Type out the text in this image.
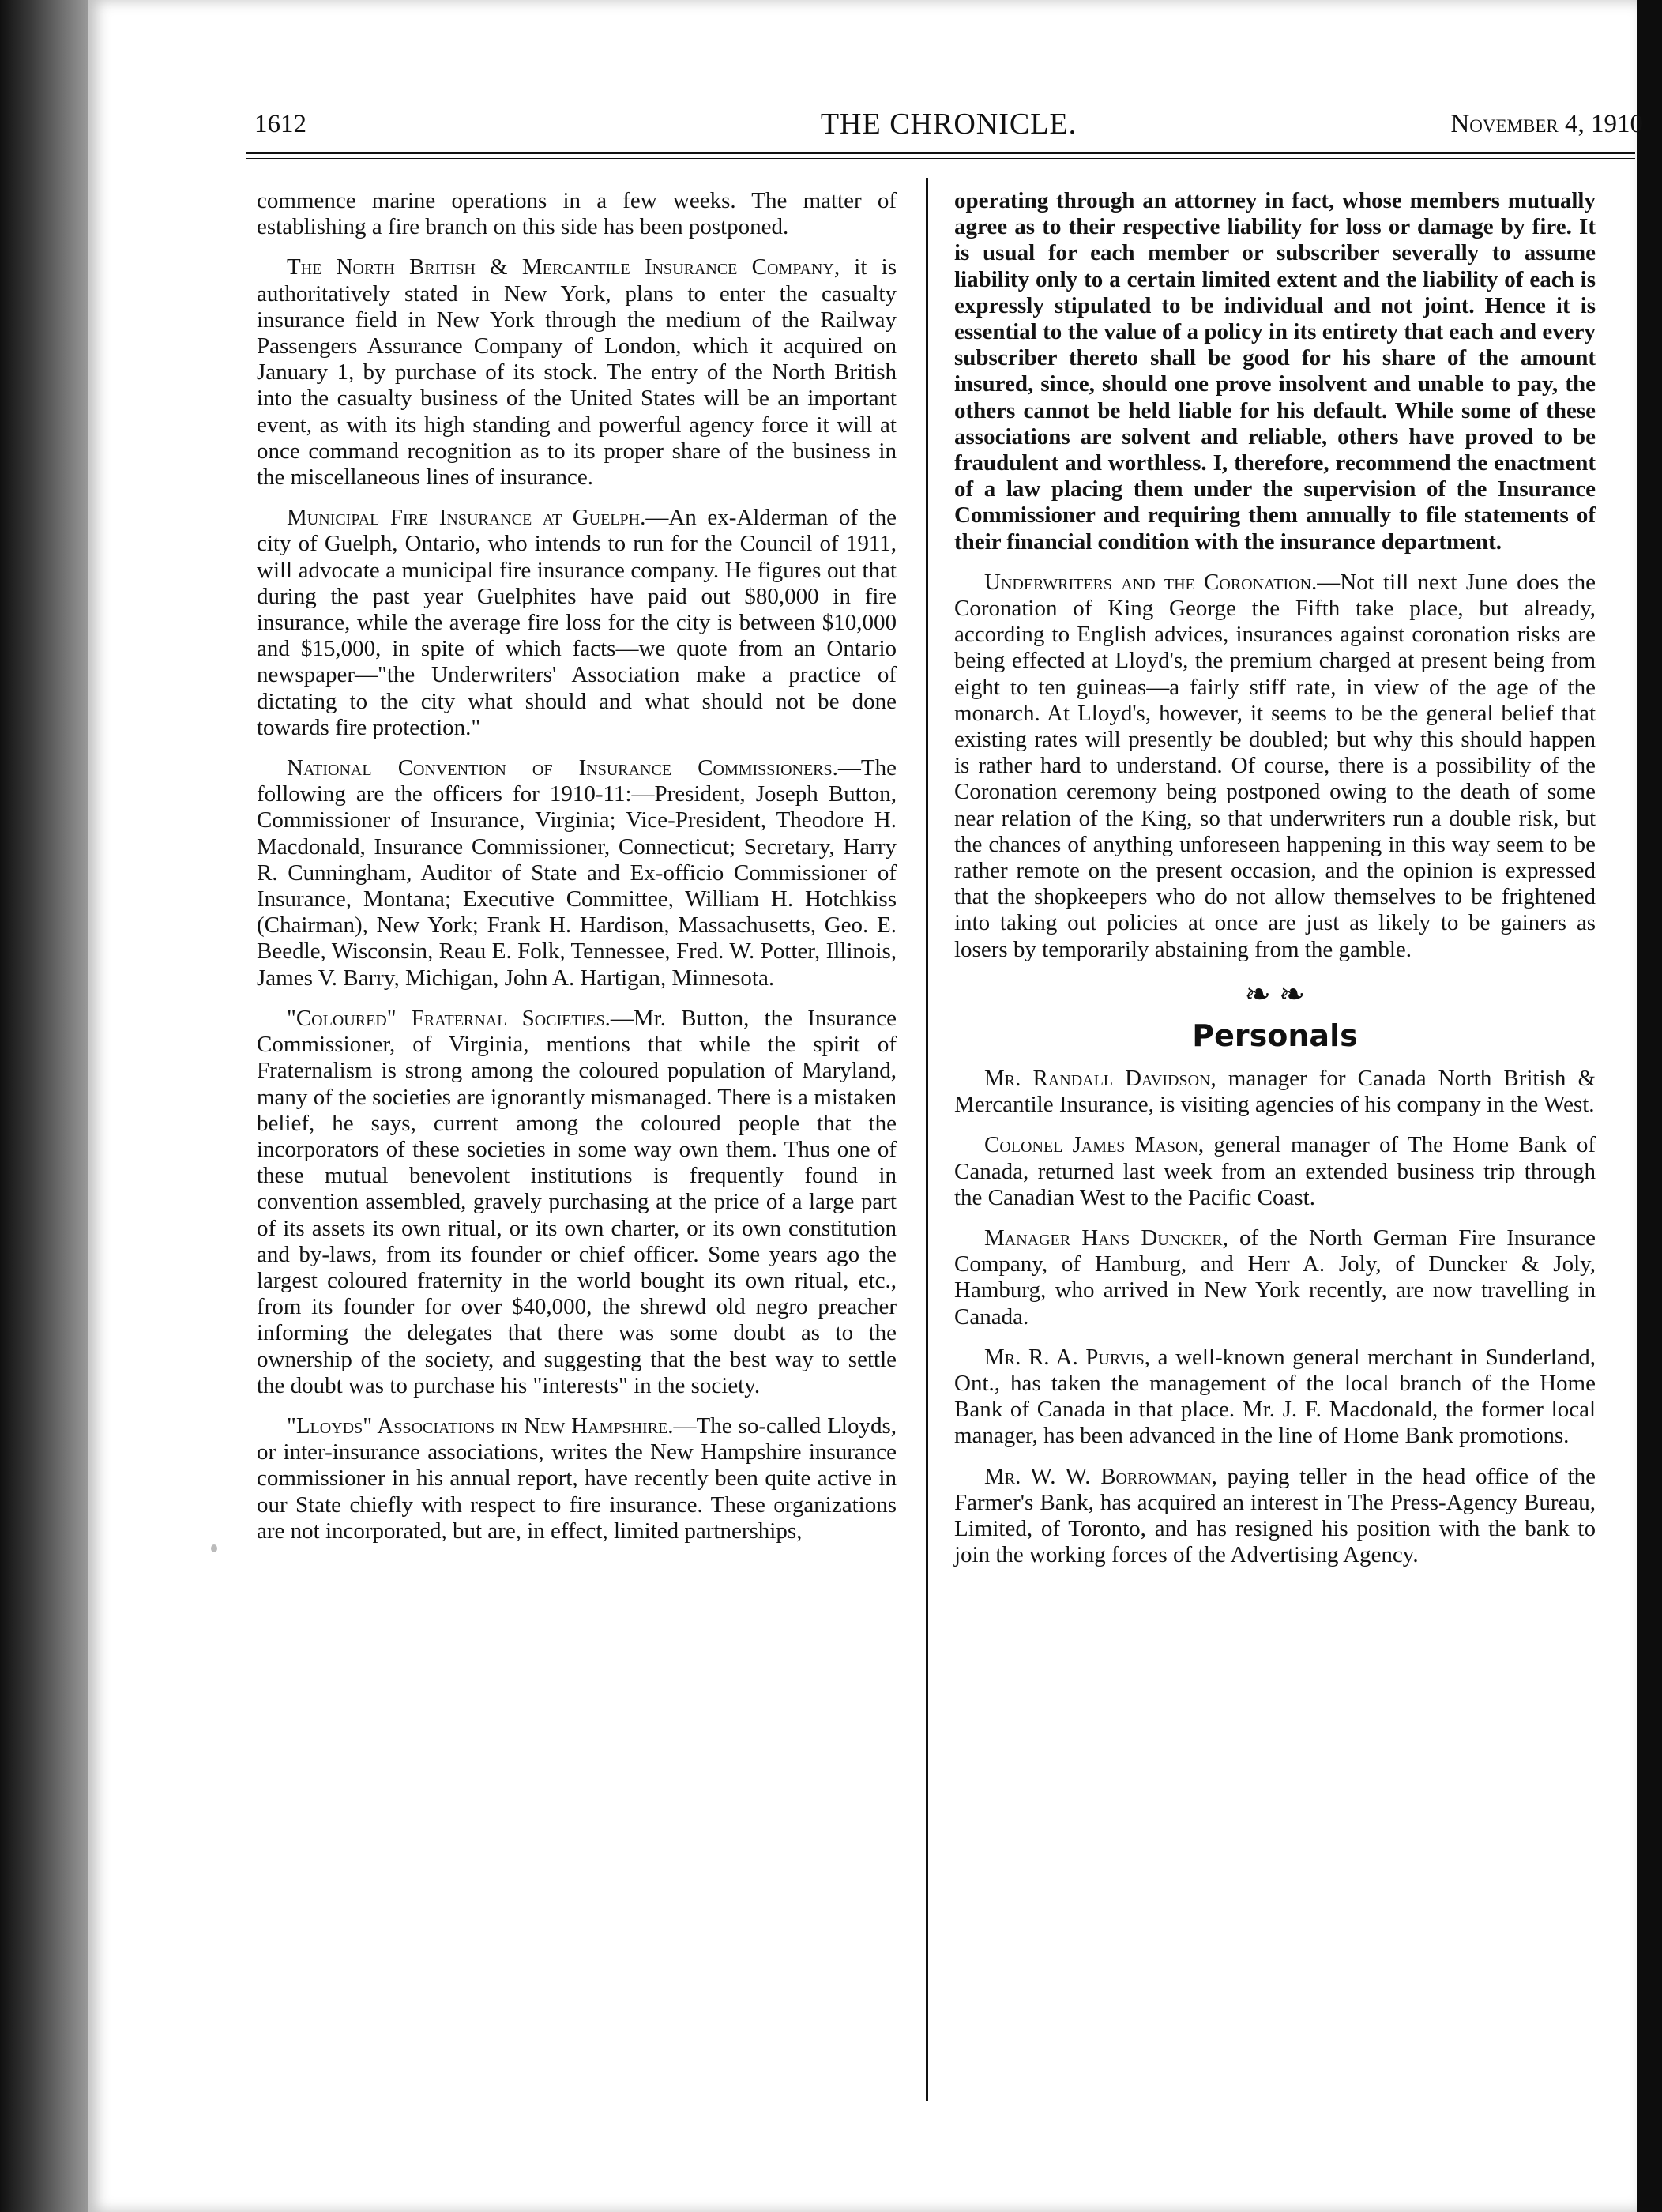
1612	THE CHRONICLE.	November 4, 1910

commence marine operations in a few weeks. The matter of establishing a fire branch on this side has been postponed.

The North British & Mercantile Insurance Company, it is authoritatively stated in New York, plans to enter the casualty insurance field in New York through the medium of the Railway Passengers Assurance Company of London, which it acquired on January 1, by purchase of its stock. The entry of the North British into the casualty business of the United States will be an important event, as with its high standing and powerful agency force it will at once command recognition as to its proper share of the business in the miscellaneous lines of insurance.

Municipal Fire Insurance at Guelph.—An ex-Alderman of the city of Guelph, Ontario, who intends to run for the Council of 1911, will advocate a municipal fire insurance company. He figures out that during the past year Guelphites have paid out $80,000 in fire insurance, while the average fire loss for the city is between $10,000 and $15,000, in spite of which facts—we quote from an Ontario newspaper—"the Underwriters' Association make a practice of dictating to the city what should and what should not be done towards fire protection."

National Convention of Insurance Commissioners.—The following are the officers for 1910-11:—President, Joseph Button, Commissioner of Insurance, Virginia; Vice-President, Theodore H. Macdonald, Insurance Commissioner, Connecticut; Secretary, Harry R. Cunningham, Auditor of State and Ex-officio Commissioner of Insurance, Montana; Executive Committee, William H. Hotchkiss (Chairman), New York; Frank H. Hardison, Massachusetts, Geo. E. Beedle, Wisconsin, Reau E. Folk, Tennessee, Fred. W. Potter, Illinois, James V. Barry, Michigan, John A. Hartigan, Minnesota.

"Coloured" Fraternal Societies.—Mr. Button, the Insurance Commissioner, of Virginia, mentions that while the spirit of Fraternalism is strong among the coloured population of Maryland, many of the societies are ignorantly mismanaged. There is a mistaken belief, he says, current among the coloured people that the incorporators of these societies in some way own them. Thus one of these mutual benevolent institutions is frequently found in convention assembled, gravely purchasing at the price of a large part of its assets its own ritual, or its own charter, or its own constitution and by-laws, from its founder or chief officer. Some years ago the largest coloured fraternity in the world bought its own ritual, etc., from its founder for over $40,000, the shrewd old negro preacher informing the delegates that there was some doubt as to the ownership of the society, and suggesting that the best way to settle the doubt was to purchase his "interests" in the society.

"Lloyds" Associations in New Hampshire.—The so-called Lloyds, or inter-insurance associations, writes the New Hampshire insurance commissioner in his annual report, have recently been quite active in our State chiefly with respect to fire insurance. These organizations are not incorporated, but are, in effect, limited partnerships,

operating through an attorney in fact, whose members mutually agree as to their respective liability for loss or damage by fire. It is usual for each member or subscriber severally to assume liability only to a certain limited extent and the liability of each is expressly stipulated to be individual and not joint. Hence it is essential to the value of a policy in its entirety that each and every subscriber thereto shall be good for his share of the amount insured, since, should one prove insolvent and unable to pay, the others cannot be held liable for his default. While some of these associations are solvent and reliable, others have proved to be fraudulent and worthless. I, therefore, recommend the enactment of a law placing them under the supervision of the Insurance Commissioner and requiring them annually to file statements of their financial condition with the insurance department.

Underwriters and the Coronation.—Not till next June does the Coronation of King George the Fifth take place, but already, according to English advices, insurances against coronation risks are being effected at Lloyd's, the premium charged at present being from eight to ten guineas—a fairly stiff rate, in view of the age of the monarch. At Lloyd's, however, it seems to be the general belief that existing rates will presently be doubled; but why this should happen is rather hard to understand. Of course, there is a possibility of the Coronation ceremony being postponed owing to the death of some near relation of the King, so that underwriters run a double risk, but the chances of anything unforeseen happening in this way seem to be rather remote on the present occasion, and the opinion is expressed that the shopkeepers who do not allow themselves to be frightened into taking out policies at once are just as likely to be gainers as losers by temporarily abstaining from the gamble.

❧ ❧
Personals

Mr. Randall Davidson, manager for Canada North British & Mercantile Insurance, is visiting agencies of his company in the West.

Colonel James Mason, general manager of The Home Bank of Canada, returned last week from an extended business trip through the Canadian West to the Pacific Coast.

Manager Hans Duncker, of the North German Fire Insurance Company, of Hamburg, and Herr A. Joly, of Duncker & Joly, Hamburg, who arrived in New York recently, are now travelling in Canada.

Mr. R. A. Purvis, a well-known general merchant in Sunderland, Ont., has taken the management of the local branch of the Home Bank of Canada in that place. Mr. J. F. Macdonald, the former local manager, has been advanced in the line of Home Bank promotions.

Mr. W. W. Borrowman, paying teller in the head office of the Farmer's Bank, has acquired an interest in The Press-Agency Bureau, Limited, of Toronto, and has resigned his position with the bank to join the working forces of the Advertising Agency.
